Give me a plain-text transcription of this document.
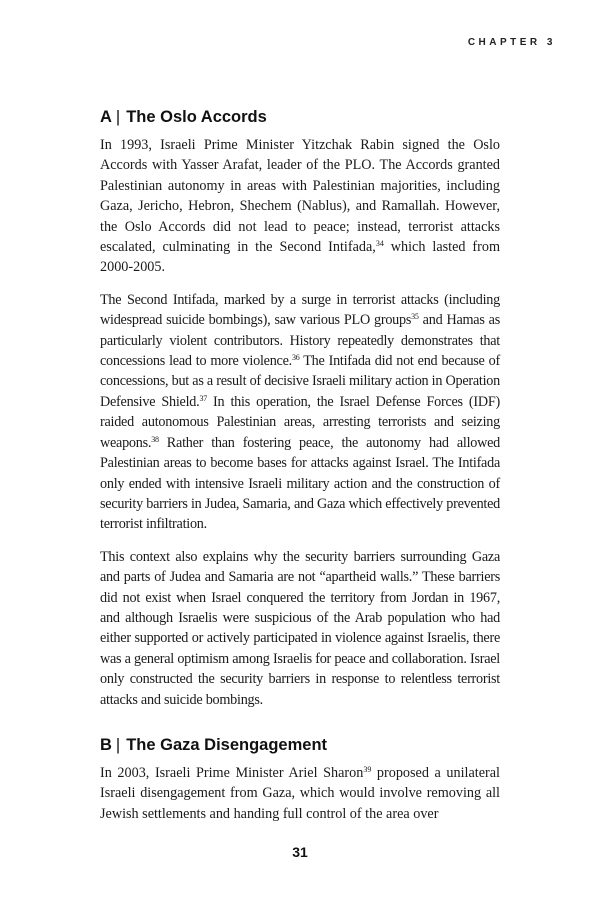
CHAPTER 3
A | The Oslo Accords

In 1993, Israeli Prime Minister Yitzchak Rabin signed the Oslo Accords with Yasser Arafat, leader of the PLO. The Accords granted Palestinian autonomy in areas with Palestinian majorities, including Gaza, Jericho, Hebron, Shechem (Nablus), and Ramallah. However, the Oslo Accords did not lead to peace; instead, terrorist attacks escalated, culminating in the Second Intifada,$^{34}$ which lasted from 2000-2005.

The Second Intifada, marked by a surge in terrorist attacks (including widespread suicide bombings), saw various PLO groups$^{35}$ and Hamas as particularly violent contributors. History repeatedly demonstrates that concessions lead to more violence.$^{36}$ The Intifada did not end because of concessions, but as a result of decisive Israeli military action in Operation Defensive Shield.$^{37}$ In this operation, the Israel Defense Forces (IDF) raided autonomous Palestinian areas, arresting terrorists and seizing weapons.$^{38}$ Rather than fostering peace, the autonomy had allowed Palestinian areas to become bases for attacks against Israel. The Intifada only ended with intensive Israeli military action and the construction of security barriers in Judea, Samaria, and Gaza which effectively prevented terrorist infiltration.

This context also explains why the security barriers surrounding Gaza and parts of Judea and Samaria are not “apartheid walls.” These barriers did not exist when Israel conquered the territory from Jordan in 1967, and although Israelis were suspicious of the Arab population who had either supported or actively participated in violence against Israelis, there was a general optimism among Israelis for peace and collaboration. Israel only constructed the security barriers in response to relentless terrorist attacks and suicide bombings.

B | The Gaza Disengagement

In 2003, Israeli Prime Minister Ariel Sharon$^{39}$ proposed a unilateral Israeli disengagement from Gaza, which would involve removing all Jewish settlements and handing full control of the area over

31
